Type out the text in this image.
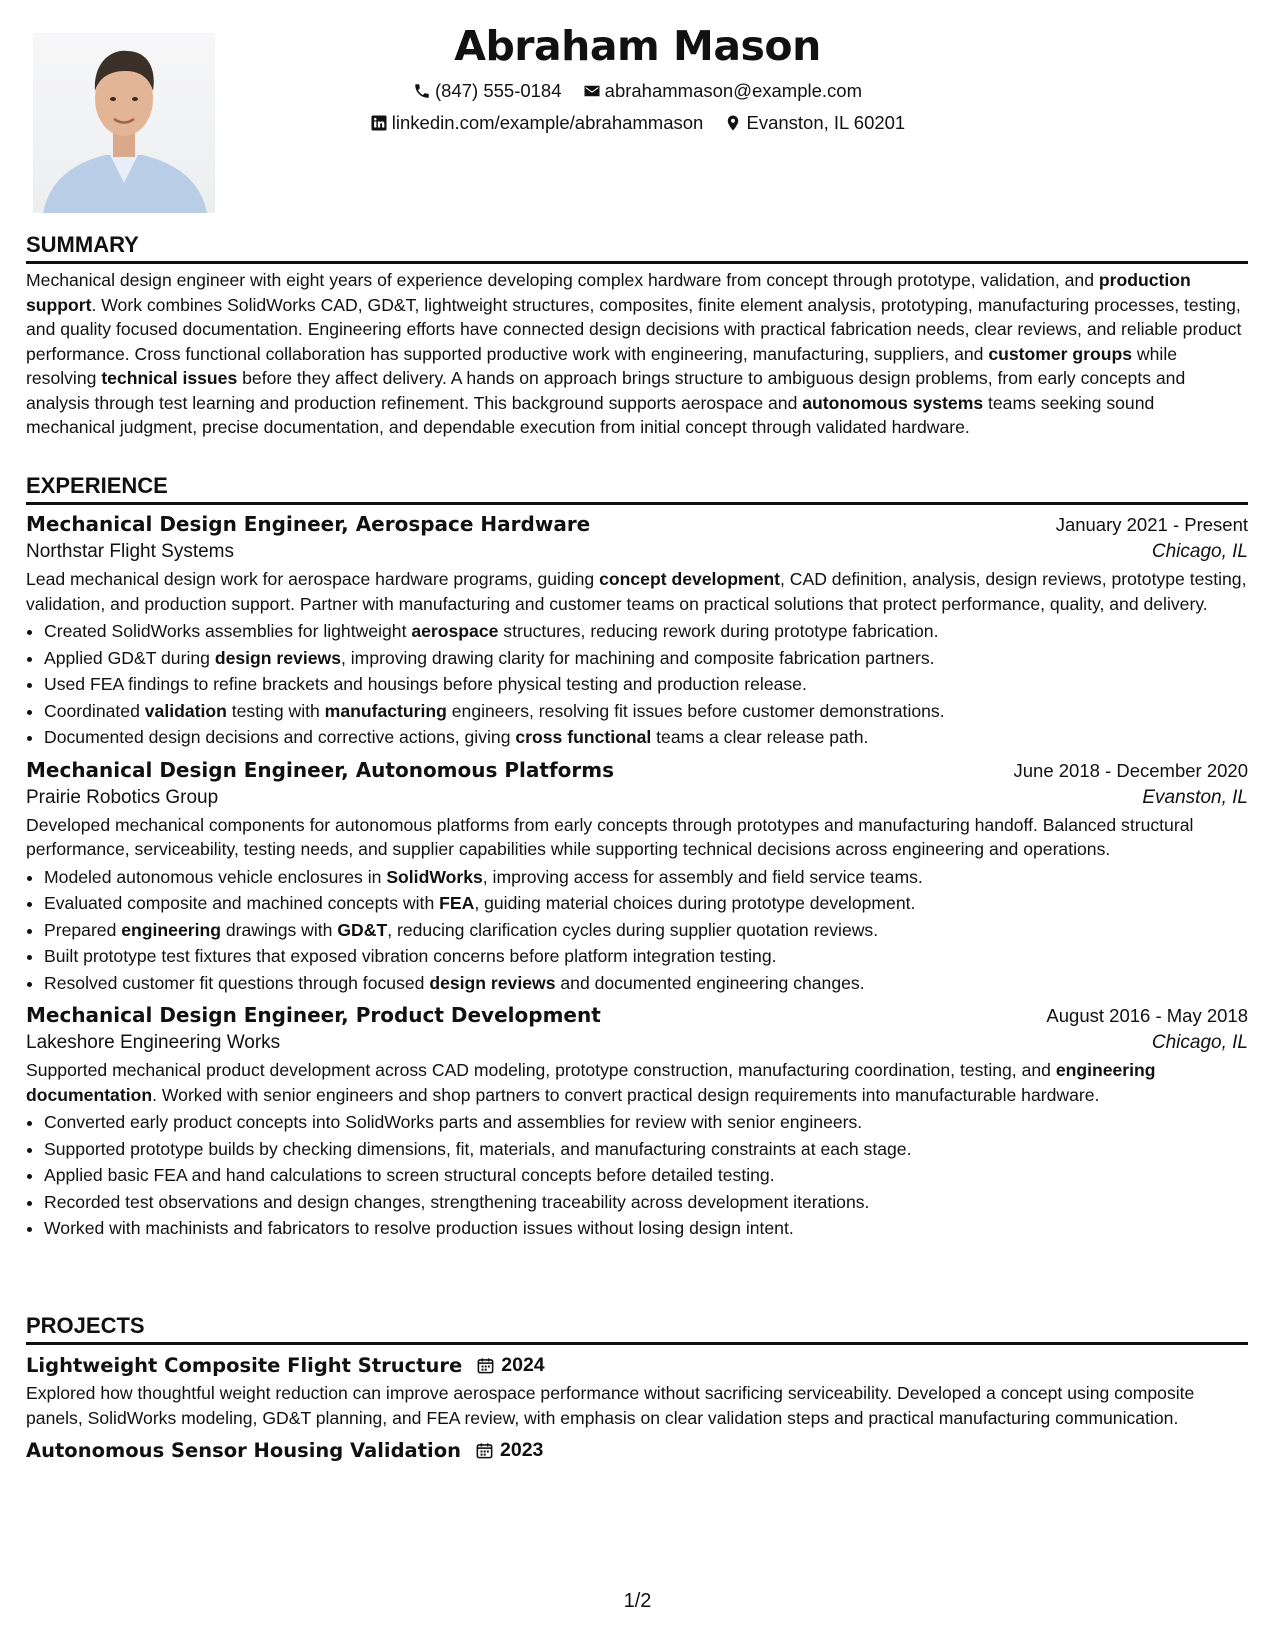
Abraham Mason
(847) 555-0184
abrahammason@example.com
linkedin.com/example/abrahammason
Evanston, IL 60201
SUMMARY

Mechanical design engineer with eight years of experience developing complex hardware from concept through prototype, validation, and production support. Work combines SolidWorks CAD, GD&T, lightweight structures, composites, finite element analysis, prototyping, manufacturing processes, testing, and quality focused documentation. Engineering efforts have connected design decisions with practical fabrication needs, clear reviews, and reliable product performance. Cross functional collaboration has supported productive work with engineering, manufacturing, suppliers, and customer groups while resolving technical issues before they affect delivery. A hands on approach brings structure to ambiguous design problems, from early concepts and analysis through test learning and production refinement. This background supports aerospace and autonomous systems teams seeking sound mechanical judgment, precise documentation, and dependable execution from initial concept through validated hardware.

EXPERIENCE
Mechanical Design Engineer, Aerospace Hardware	January 2021 - Present
Northstar Flight Systems	Chicago, IL

Lead mechanical design work for aerospace hardware programs, guiding concept development, CAD definition, analysis, design reviews, prototype testing, validation, and production support. Partner with manufacturing and customer teams on practical solutions that protect performance, quality, and delivery.

• Created SolidWorks assemblies for lightweight aerospace structures, reducing rework during prototype fabrication.
• Applied GD&T during design reviews, improving drawing clarity for machining and composite fabrication partners.
• Used FEA findings to refine brackets and housings before physical testing and production release.
• Coordinated validation testing with manufacturing engineers, resolving fit issues before customer demonstrations.
• Documented design decisions and corrective actions, giving cross functional teams a clear release path.
Mechanical Design Engineer, Autonomous Platforms	June 2018 - December 2020
Prairie Robotics Group	Evanston, IL

Developed mechanical components for autonomous platforms from early concepts through prototypes and manufacturing handoff. Balanced structural performance, serviceability, testing needs, and supplier capabilities while supporting technical decisions across engineering and operations.

• Modeled autonomous vehicle enclosures in SolidWorks, improving access for assembly and field service teams.
• Evaluated composite and machined concepts with FEA, guiding material choices during prototype development.
• Prepared engineering drawings with GD&T, reducing clarification cycles during supplier quotation reviews.
• Built prototype test fixtures that exposed vibration concerns before platform integration testing.
• Resolved customer fit questions through focused design reviews and documented engineering changes.
Mechanical Design Engineer, Product Development	August 2016 - May 2018
Lakeshore Engineering Works	Chicago, IL

Supported mechanical product development across CAD modeling, prototype construction, manufacturing coordination, testing, and engineering documentation. Worked with senior engineers and shop partners to convert practical design requirements into manufacturable hardware.

• Converted early product concepts into SolidWorks parts and assemblies for review with senior engineers.
• Supported prototype builds by checking dimensions, fit, materials, and manufacturing constraints at each stage.
• Applied basic FEA and hand calculations to screen structural concepts before detailed testing.
• Recorded test observations and design changes, strengthening traceability across development iterations.
• Worked with machinists and fabricators to resolve production issues without losing design intent.
PROJECTS
Lightweight Composite Flight Structure 2024

Explored how thoughtful weight reduction can improve aerospace performance without sacrificing serviceability. Developed a concept using composite panels, SolidWorks modeling, GD&T planning, and FEA review, with emphasis on clear validation steps and practical manufacturing communication.

Autonomous Sensor Housing Validation 2023
1/2
